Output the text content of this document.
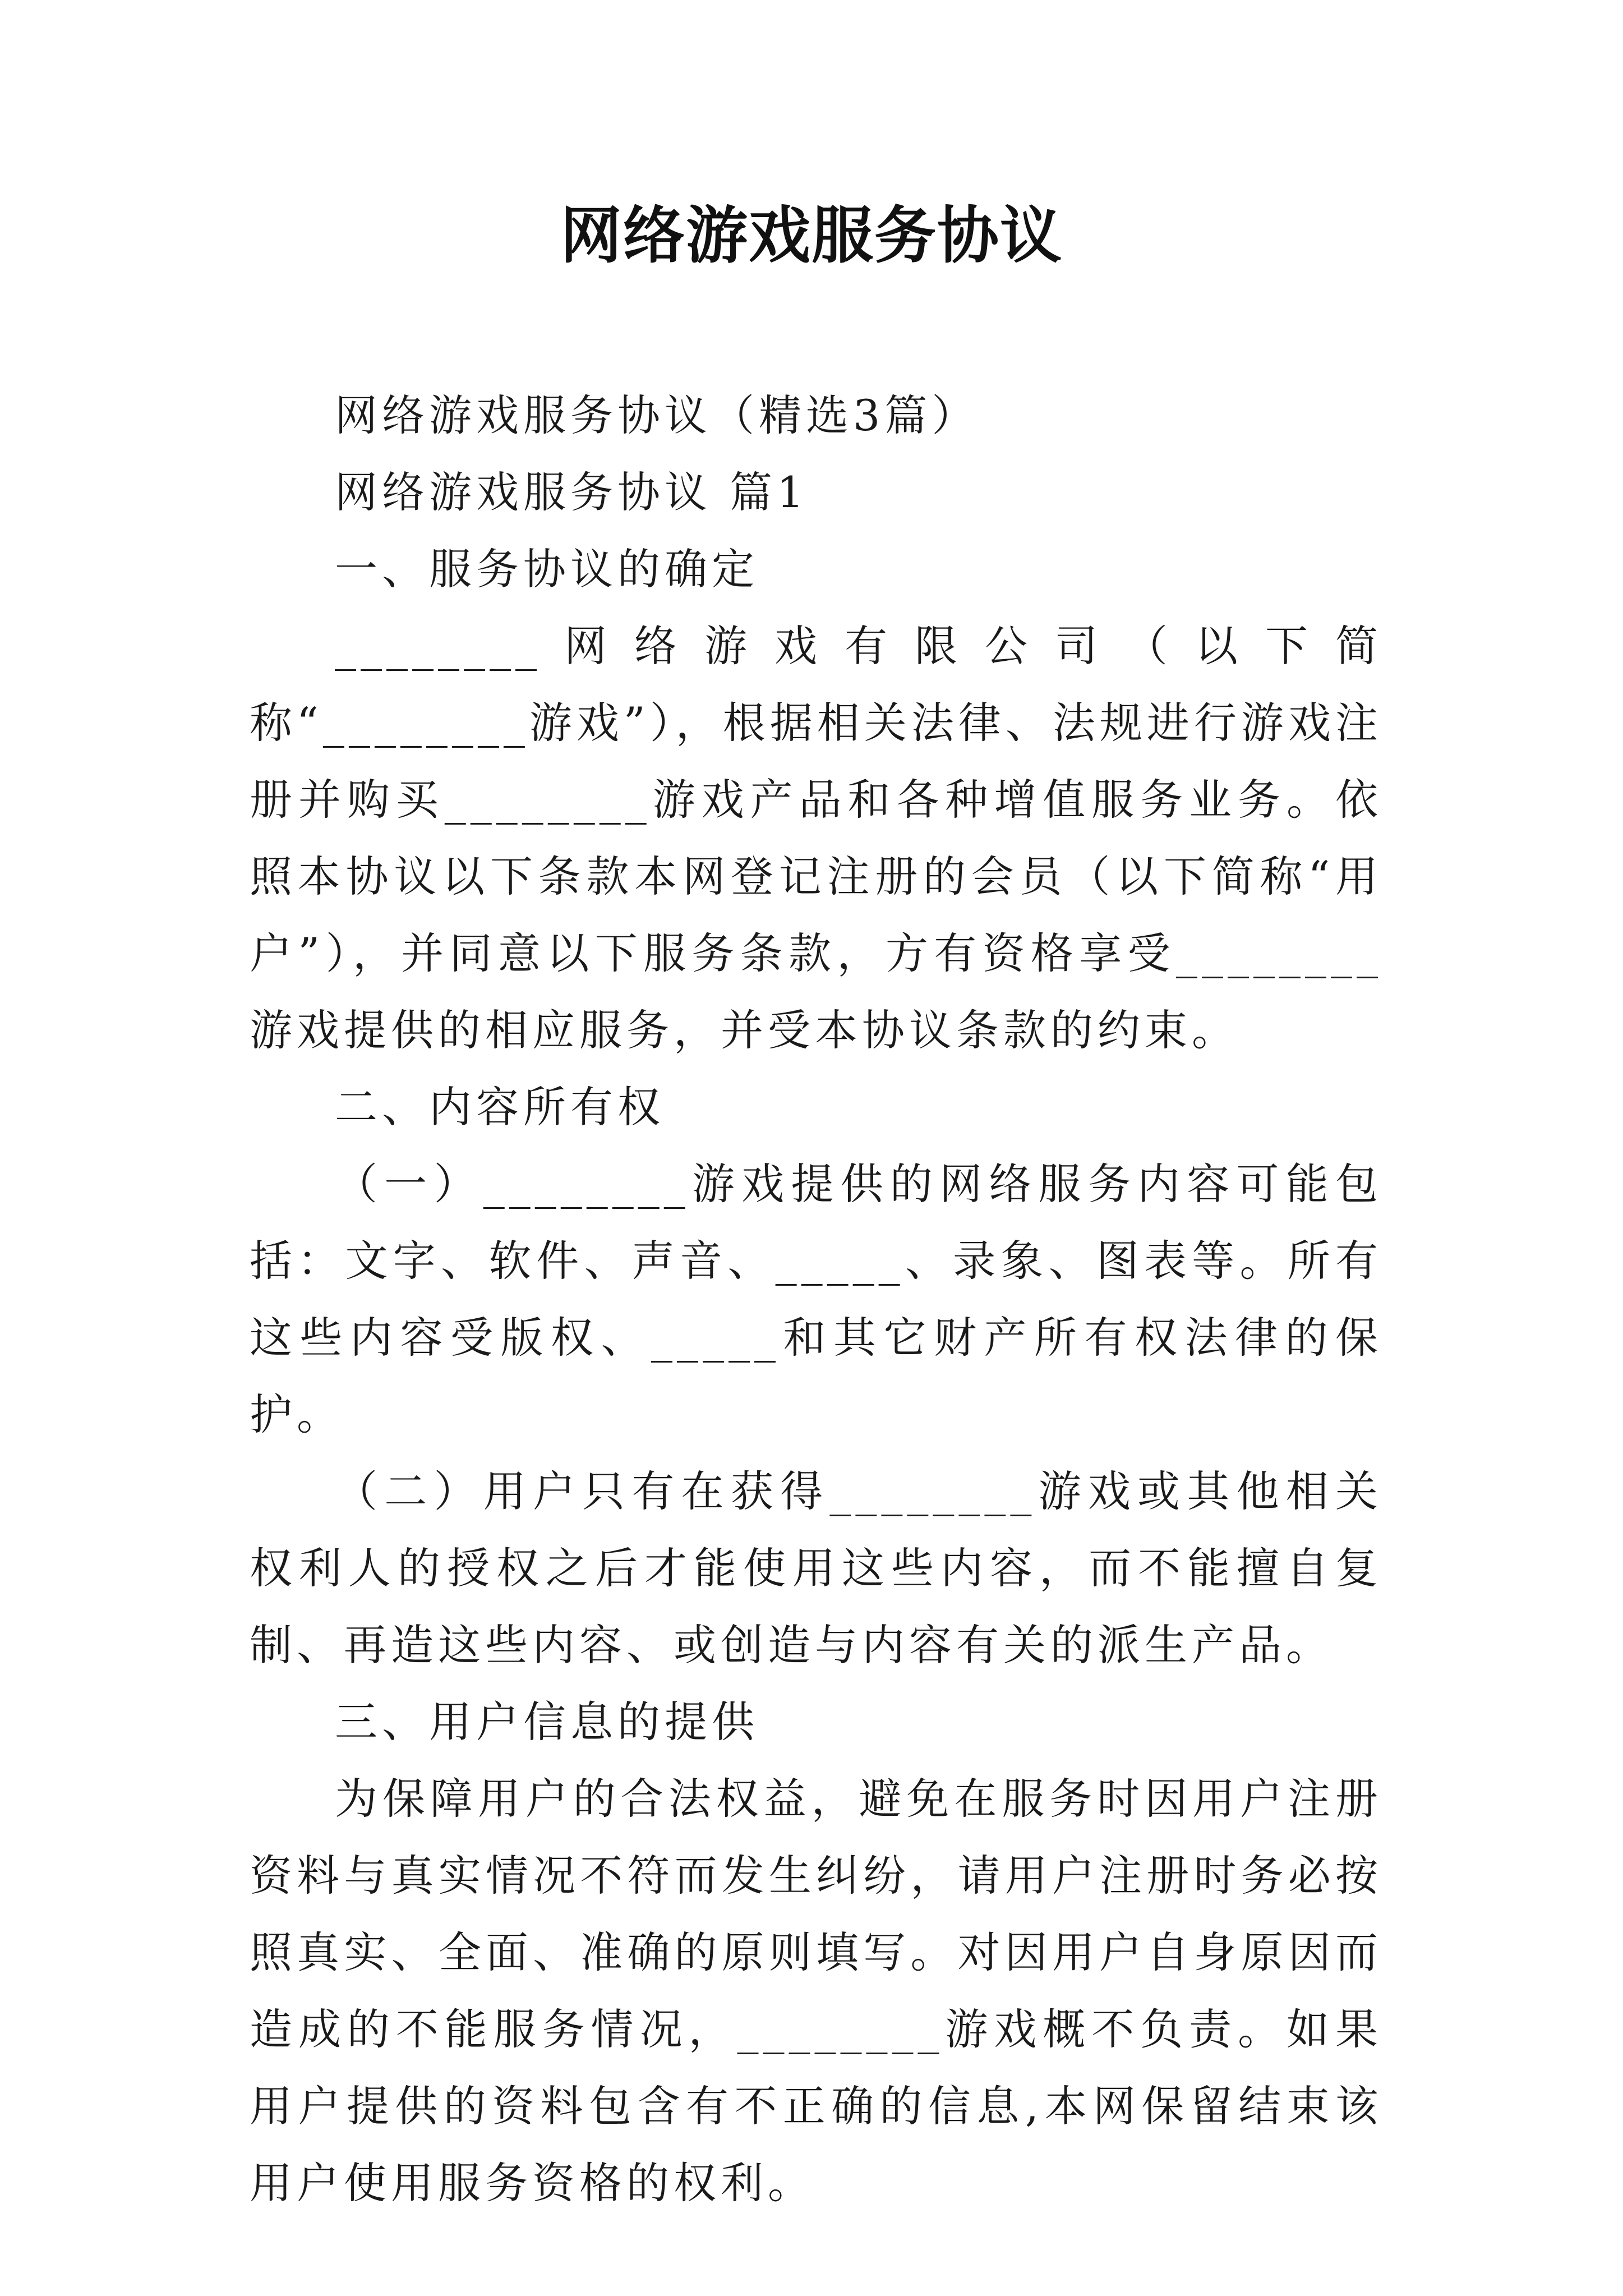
网络游戏服务协议

网络游戏服务协议（精选3篇）

网络游戏服务协议 篇1

一、服务协议的确定

________网络游戏有限公司（以下简称“________游戏”），根据相关法律、法规进行游戏注册并购买________游戏产品和各种增值服务业务。依照本协议以下条款本网登记注册的会员（以下简称“用户”），并同意以下服务条款，方有资格享受________游戏提供的相应服务，并受本协议条款的约束。

二、内容所有权

（一）________游戏提供的网络服务内容可能包括：文字、软件、声音、_____、录象、图表等。所有这些内容受版权、_____和其它财产所有权法律的保护。

（二）用户只有在获得________游戏或其他相关权利人的授权之后才能使用这些内容，而不能擅自复制、再造这些内容、或创造与内容有关的派生产品。

三、用户信息的提供

为保障用户的合法权益，避免在服务时因用户注册资料与真实情况不符而发生纠纷，请用户注册时务必按照真实、全面、准确的原则填写。对因用户自身原因而造成的不能服务情况，________游戏概不负责。如果用户提供的资料包含有不正确的信息,本网保留结束该用户使用服务资格的权利。
